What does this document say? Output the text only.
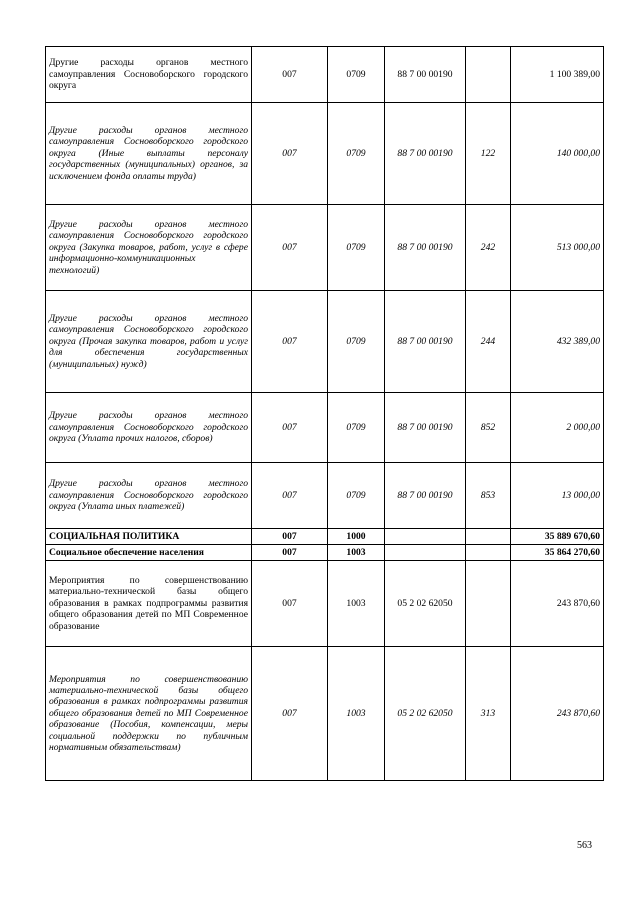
Другие расходы органов местного самоуправления Сосновоборского городского округа	007	0709	88 7 00 00190		1 100 389,00
Другие расходы органов местного самоуправления Сосновоборского городского округа (Иные выплаты персоналу государственных (муниципальных) органов, за исключением фонда оплаты труда)	007	0709	88 7 00 00190	122	140 000,00
Другие расходы органов местного самоуправления Сосновоборского городского округа (Закупка товаров, работ, услуг в сфере информационно-коммуникационных технологий)	007	0709	88 7 00 00190	242	513 000,00
Другие расходы органов местного самоуправления Сосновоборского городского округа (Прочая закупка товаров, работ и услуг для обеспечения государственных (муниципальных) нужд)	007	0709	88 7 00 00190	244	432 389,00
Другие расходы органов местного самоуправления Сосновоборского городского округа (Уплата прочих налогов, сборов)	007	0709	88 7 00 00190	852	2 000,00
Другие расходы органов местного самоуправления Сосновоборского городского округа (Уплата иных платежей)	007	0709	88 7 00 00190	853	13 000,00
СОЦИАЛЬНАЯ ПОЛИТИКА	007	1000			35 889 670,60
Социальное обеспечение населения	007	1003			35 864 270,60
Мероприятия по совершенствованию материально-технической базы общего образования в рамках подпрограммы развития общего образования детей по МП Современное образование	007	1003	05 2 02 62050		243 870,60
Мероприятия по совершенствованию материально-технической базы общего образования в рамках подпрограммы развития общего образования детей по МП Современное образование (Пособия, компенсации, меры социальной поддержки по публичным нормативным обязательствам)	007	1003	05 2 02 62050	313	243 870,60
563
